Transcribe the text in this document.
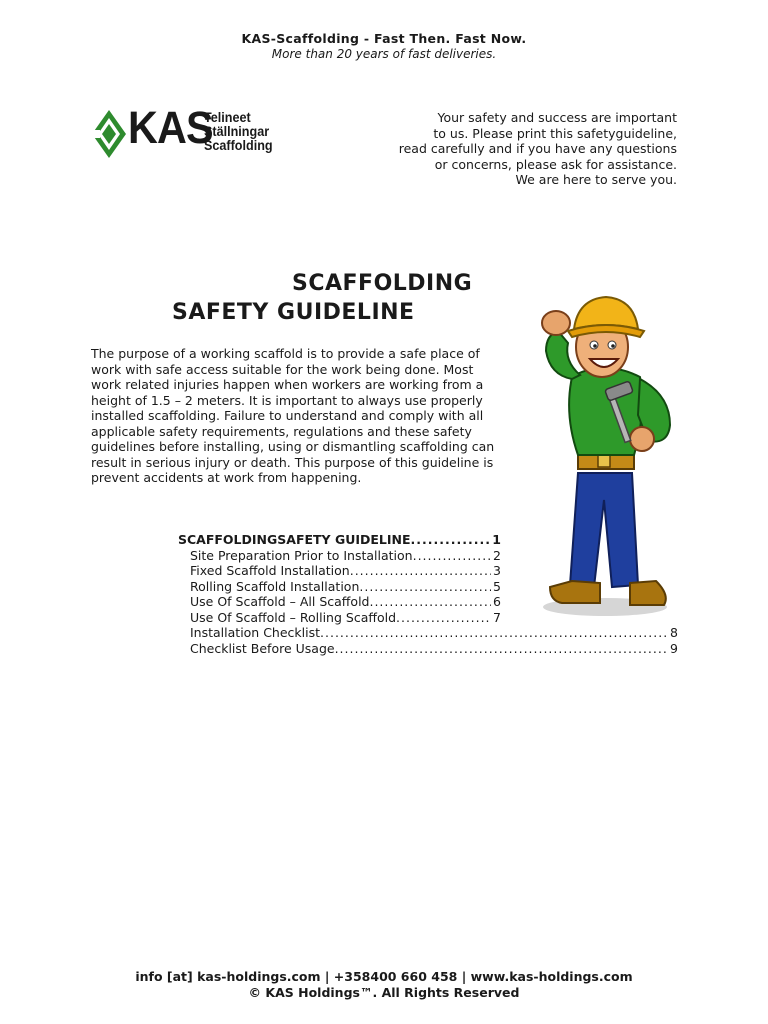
KAS-Scaffolding - Fast Then. Fast Now.
More than 20 years of fast deliveries.
KAS
Telineet
Ställningar
Scaffolding
Your safety and success are important
to us. Please print this safetyguideline,
read carefully and if you have any questions
or concerns, please ask for assistance.
We are here to serve you.
SCAFFOLDING
SAFETY GUIDELINE
The purpose of a working scaffold is to provide a safe place of work with safe access suitable for the work being done. Most work related injuries happen when workers are working from a height of 1.5 – 2 meters. It is important to always use properly installed scaffolding. Failure to understand and comply with all applicable safety requirements, regulations and these safety guidelines before installing, using or dismantling scaffolding can result in serious injury or death. This purpose of this guideline is prevent accidents at work from happening.
SCAFFOLDINGSAFETY GUIDELINE .....	1
Site Preparation Prior to Installation .....	2
Fixed Scaffold Installation .....	3
Rolling Scaffold Installation .....	5
Use Of Scaffold – All Scaffold .....	6
Use Of Scaffold – Rolling Scaffold .....	7
Installation Checklist .....	8
Checklist Before Usage .....	9
info [at] kas-holdings.com | +358400 660 458 | www.kas-holdings.com
© KAS Holdings™. All Rights Reserved
